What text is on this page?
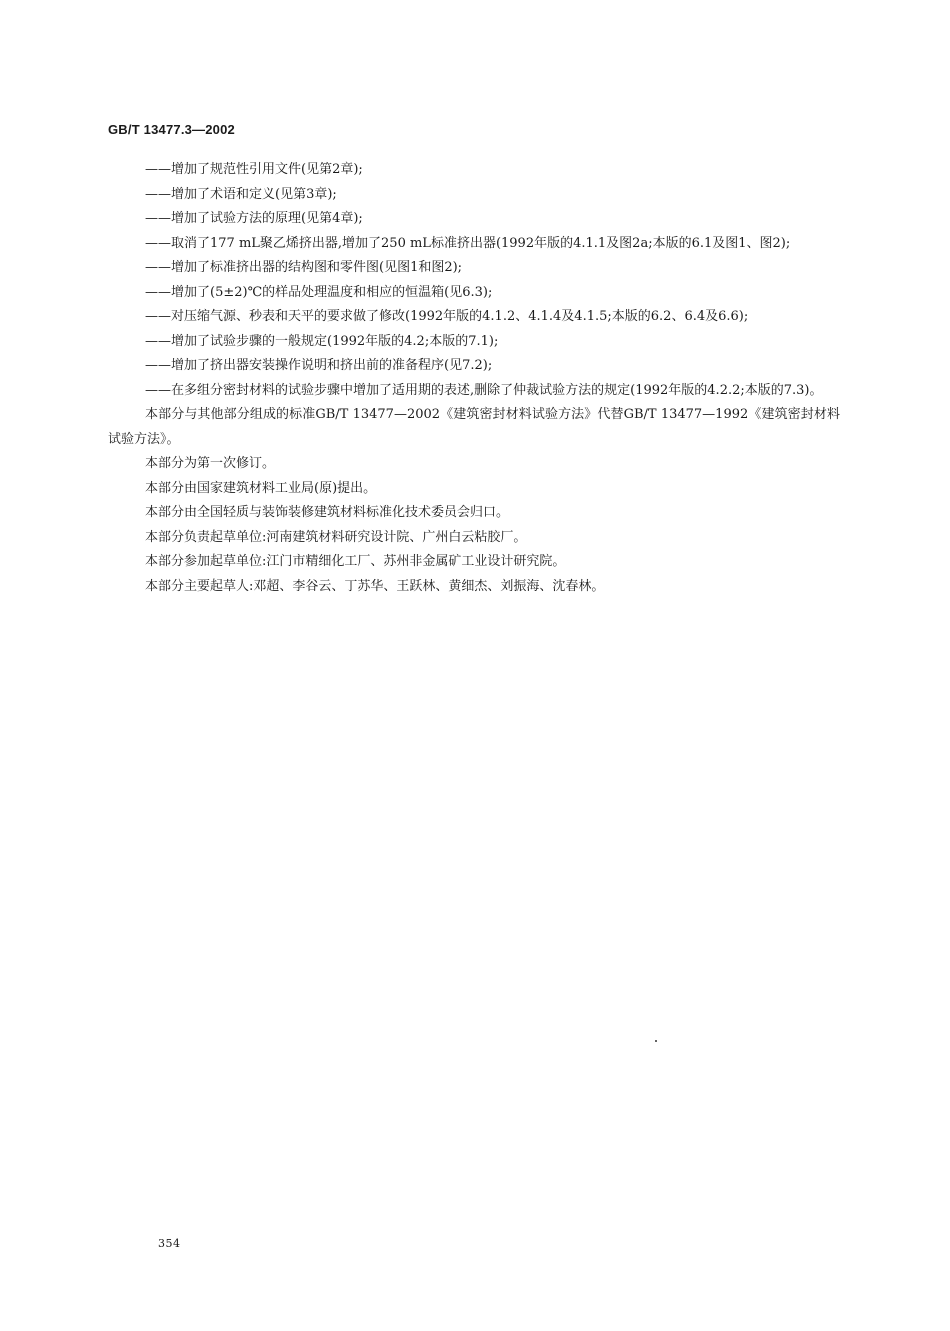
GB/T 13477.3—2002

——增加了规范性引用文件(见第2章);

——增加了术语和定义(见第3章);

——增加了试验方法的原理(见第4章);

——取消了177 mL聚乙烯挤出器,增加了250 mL标准挤出器(1992年版的4.1.1及图2a;本版的6.1及图1、图2);

——增加了标准挤出器的结构图和零件图(见图1和图2);

——增加了(5±2)℃的样品处理温度和相应的恒温箱(见6.3);

——对压缩气源、秒表和天平的要求做了修改(1992年版的4.1.2、4.1.4及4.1.5;本版的6.2、6.4及6.6);

——增加了试验步骤的一般规定(1992年版的4.2;本版的7.1);

——增加了挤出器安装操作说明和挤出前的准备程序(见7.2);

——在多组分密封材料的试验步骤中增加了适用期的表述,删除了仲裁试验方法的规定(1992年版的4.2.2;本版的7.3)。

本部分与其他部分组成的标准GB/T 13477—2002《建筑密封材料试验方法》代替GB/T 13477—1992《建筑密封材料试验方法》。

本部分为第一次修订。

本部分由国家建筑材料工业局(原)提出。

本部分由全国轻质与装饰装修建筑材料标准化技术委员会归口。

本部分负责起草单位:河南建筑材料研究设计院、广州白云粘胶厂。

本部分参加起草单位:江门市精细化工厂、苏州非金属矿工业设计研究院。

本部分主要起草人:邓超、李谷云、丁苏华、王跃林、黄细杰、刘振海、沈春林。

354
